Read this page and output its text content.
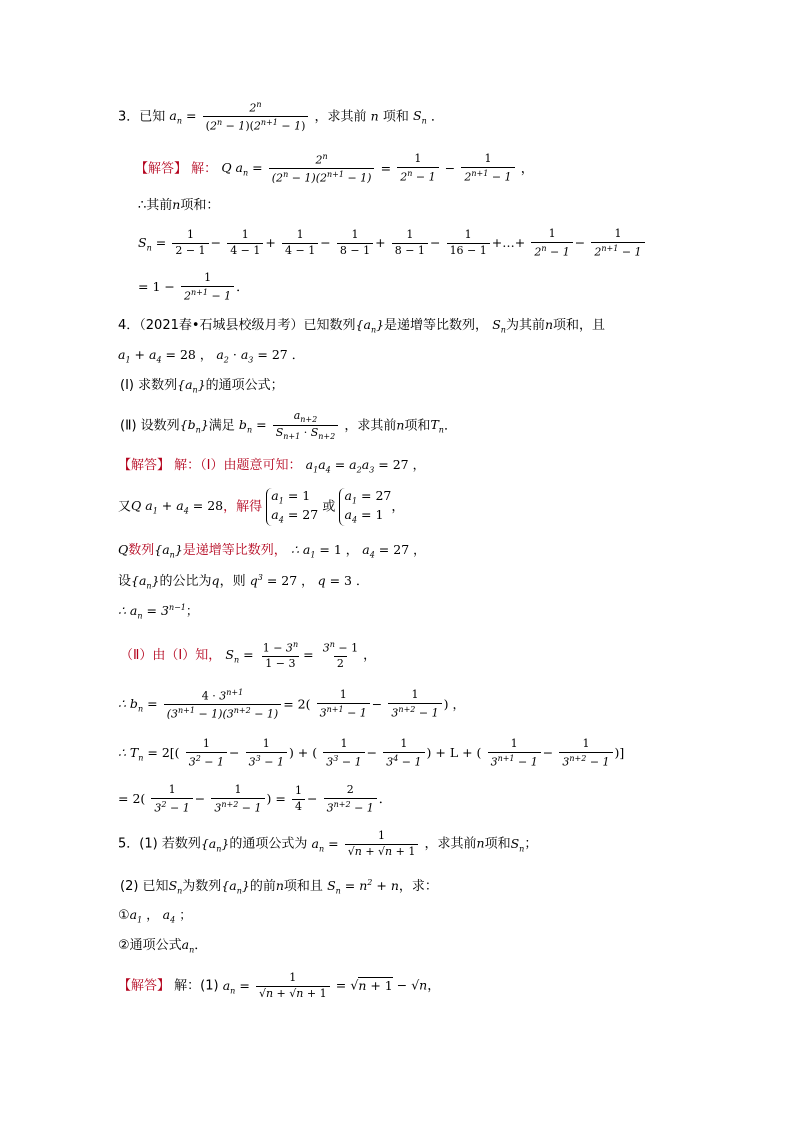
3．已知 $a_n = \frac{2^n}{(2^n - 1)(2^{n+1} - 1)}$ ，求其前 n 项和 $S_n$ ．
【解答】 解： Q $a_n = \frac{2^n}{(2^n - 1)(2^{n+1} - 1)} = \frac{1}{2^n - 1} - \frac{1}{2^{n+1} - 1}$ ，
∴其前n项和：
$S_n = \frac{1}{2 - 1} - \frac{1}{4 - 1} + \frac{1}{4 - 1} - \frac{1}{8 - 1} + \frac{1}{8 - 1} - \frac{1}{16 - 1}$ +…+ $\frac{1}{2^n - 1} - \frac{1}{2^{n+1} - 1}$
= $1 - \frac{1}{2^{n+1} - 1}$ ．
4．（2021春•石城县校级月考）已知数列$\{a_n\}$是递增等比数列， $S_n$为其前n项和，且
$a_1 + a_4 = 28$ ， $a_2 \cdot a_3 = 27$ ．
(Ⅰ) 求数列$\{a_n\}$的通项公式；
(Ⅱ) 设数列$\{b_n\}$满足 $b_n = \frac{a_{n+2}}{S_{n+1} \cdot S_{n+2}}$ ，求其前n项和$T_n$．
【解答】 解：（Ⅰ）由题意可知： $a_1a_4 = a_2a_3 = 27$ ，
又Q $a_1 + a_4 = 28$，解得
$a_1 = 1$
$a_4 = 27$ 或
$a_1 = 27$
$a_4 = 1$ ，
Q数列$\{a_n\}$是递增等比数列， ∴ $a_1 = 1$ ， $a_4 = 27$ ，
设$\{a_n\}$的公比为q，则 $q^3 = 27$ ， q = 3 ．
∴ $a_n = 3^{n-1}$；
（Ⅱ）由（Ⅰ）知， $S_n = \frac{1 - 3^n}{1 - 3} = \frac{3^n - 1}{2}$ ，
∴ $b_n = \frac{4 \cdot 3^{n+1}}{(3^{n+1} - 1)(3^{n+2} - 1)} = 2( \frac{1}{3^{n+1} - 1} - \frac{1}{3^{n+2} - 1}$ ) ，
∴ $T_n = 2[( \frac{1}{3^2 - 1} - \frac{1}{3^3 - 1}$ ) + ( $\frac{1}{3^3 - 1} - \frac{1}{3^4 - 1}$ ) + L + ( $\frac{1}{3^{n+1} - 1} - \frac{1}{3^{n+2} - 1}$ )]
= $2( \frac{1}{3^2 - 1} - \frac{1}{3^{n+2} - 1}$ ) = $\frac{1}{4} - \frac{2}{3^{n+2} - 1}$ ．
5．(1) 若数列$\{a_n\}$的通项公式为 $a_n = \frac{1}{√n + √n + 1}$ ，求其前n项和$S_n$；
(2) 已知$S_n$为数列$\{a_n\}$的前n项和且 $S_n = n^2 + n$，求：
$①a_1$ ， $a_4$ ；
②通项公式$a_n$．
【解答】 解：(1) $a_n = \frac{1}{√n + √n + 1} = √n + 1 - √n$，
